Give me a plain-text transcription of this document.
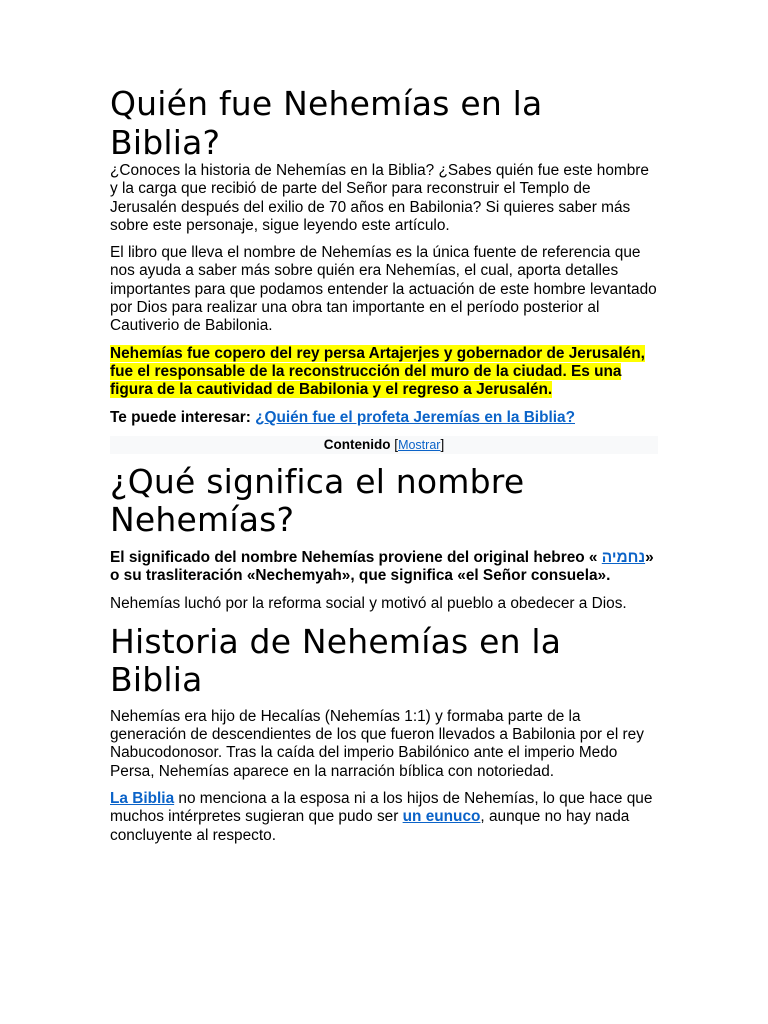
Quién fue Nehemías en la Biblia?

¿Conoces la historia de Nehemías en la Biblia? ¿Sabes quién fue este hombre y la carga que recibió de parte del Señor para reconstruir el Templo de Jerusalén después del exilio de 70 años en Babilonia? Si quieres saber más sobre este personaje, sigue leyendo este artículo.

El libro que lleva el nombre de Nehemías es la única fuente de referencia que nos ayuda a saber más sobre quién era Nehemías, el cual, aporta detalles importantes para que podamos entender la actuación de este hombre levantado por Dios para realizar una obra tan importante en el período posterior al Cautiverio de Babilonia.

Nehemías fue copero del rey persa Artajerjes y gobernador de Jerusalén, fue el responsable de la reconstrucción del muro de la ciudad. Es una figura de la cautividad de Babilonia y el regreso a Jerusalén.

Te puede interesar: ¿Quién fue el profeta Jeremías en la Biblia?

Contenido [Mostrar]
¿Qué significa el nombre Nehemías?

El significado del nombre Nehemías proviene del original hebreo « נחמיה» o su trasliteración «Nechemyah», que significa «el Señor consuela».

Nehemías luchó por la reforma social y motivó al pueblo a obedecer a Dios.

Historia de Nehemías en la Biblia

Nehemías era hijo de Hecalías (Nehemías 1:1) y formaba parte de la generación de descendientes de los que fueron llevados a Babilonia por el rey Nabucodonosor. Tras la caída del imperio Babilónico ante el imperio Medo Persa, Nehemías aparece en la narración bíblica con notoriedad.

La Biblia no menciona a la esposa ni a los hijos de Nehemías, lo que hace que muchos intérpretes sugieran que pudo ser un eunuco, aunque no hay nada concluyente al respecto.
